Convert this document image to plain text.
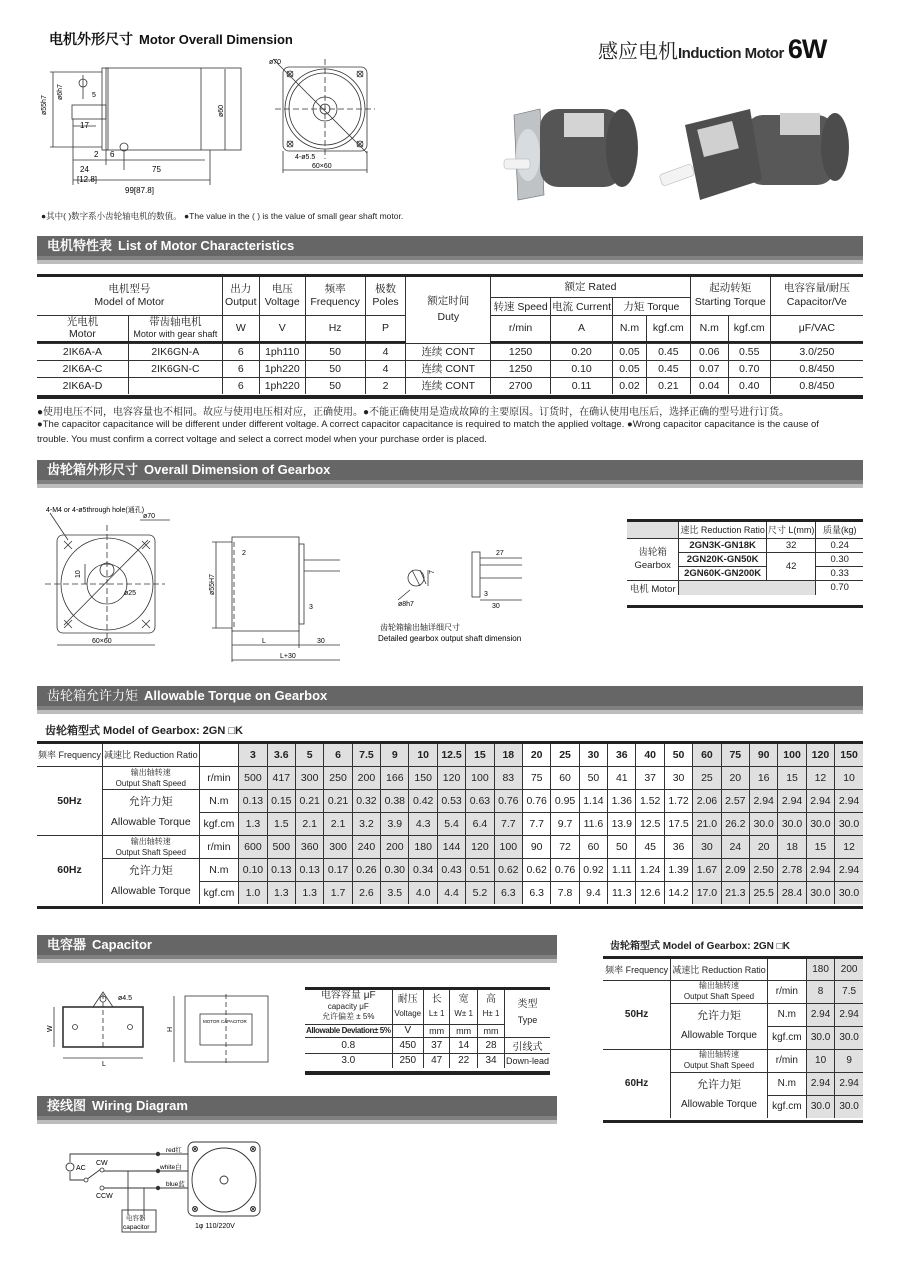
电机外形尺寸 Motor Overall Dimension
感应电机Induction Motor 6W
ø55h7
ø6h7	5
17
ø60
2 6
24
[12.8]
75
99[87.8]
ø70
4-ø5.5
60×60
●其中( )数字系小齿轮轴电机的数值。 ●The value in the ( ) is the value of small gear shaft motor.
电机特性表 List of Motor Characteristics
电机型号
Model of Motor		出力
Output	电压
Voltage	频率
Frequency	极数
Poles	额定时间
Duty	额定 Rated				起动转矩
Starting Torque		电容容量/耐压
Capacitor/Ve
							转速 Speed	电流 Current	力矩 Torque				
光电机
Motor	带齿轴电机
Motor with gear shaft	W	V	Hz	P		r/min	A	N.m	kgf.cm	N.m	kgf.cm	μF/VAC

2IK6A-A	2IK6GN-A	6	1ph110	50	4	连续 CONT	1250	0.20	0.05	0.45	0.06	0.55	3.0/250
2IK6A-C	2IK6GN-C	6	1ph220	50	4	连续 CONT	1250	0.10	0.05	0.45	0.07	0.70	0.8/450
2IK6A-D		6	1ph220	50	2	连续 CONT	2700	0.11	0.02	0.21	0.04	0.40	0.8/450
●使用电压不同，电容容量也不相同。故应与使用电压相对应，正确使用。●不能正确使用是造成故障的主要原因。订货时，在确认使用电压后，选择正确的型号进行订货。
●The capacitor capacitance will be different under different voltage. A correct capacitor capacitance is required to match the applied voltage. ●Wrong capacitor capacitance is the cause of
trouble. You must confirm a correct voltage and select a correct model when your purchase order is placed.
齿轮箱外形尺寸 Overall Dimension of Gearbox
4-M4 or 4-ø5through hole(通孔)
ø70
10
ø25
60×60
ø55H7
2
3
L	30
L+30
ø8h7
7
27
3
30
齿轮箱输出轴详细尺寸
Detailed gearbox output shaft dimension
	速比 Reduction Ratio	尺寸 L(mm)	质量(kg)
齿轮箱
Gearbox	2GN3K-GN18K	32	0.24
	2GN20K-GN50K	42	0.30
	2GN60K-GN200K		0.33
电机 Motor			0.70
齿轮箱允许力矩 Allowable Torque on Gearbox
齿轮箱型式 Model of Gearbox: 2GN □K
频率 Frequency	减速比 Reduction Ratio		3	3.6	5	6	7.5	9	10	12.5	15	18	20	25	30	36	40	50	60	75	90	100	120	150
50Hz	输出轴转速
Output Shaft Speed	r/min	500	417	300	250	200	166	150	120	100	83	75	60	50	41	37	30	25	20	16	15	12	10
	允许力矩
Allowable Torque	N.m	0.13	0.15	0.21	0.21	0.32	0.38	0.42	0.53	0.63	0.76	0.76	0.95	1.14	1.36	1.52	1.72	2.06	2.57	2.94	2.94	2.94	2.94
		kgf.cm	1.3	1.5	2.1	2.1	3.2	3.9	4.3	5.4	6.4	7.7	7.7	9.7	11.6	13.9	12.5	17.5	21.0	26.2	30.0	30.0	30.0	30.0
60Hz	输出轴转速
Output Shaft Speed	r/min	600	500	360	300	240	200	180	144	120	100	90	72	60	50	45	36	30	24	20	18	15	12
	允许力矩
Allowable Torque	N.m	0.10	0.13	0.13	0.17	0.26	0.30	0.34	0.43	0.51	0.62	0.62	0.76	0.92	1.11	1.24	1.39	1.67	2.09	2.50	2.78	2.94	2.94
		kgf.cm	1.0	1.3	1.3	1.7	2.6	3.5	4.0	4.4	5.2	6.3	6.3	7.8	9.4	11.3	12.6	14.2	17.0	21.3	25.5	28.4	30.0	30.0
电容器 Capacitor
ø4.5
W
L
H
MOTOR CAPACITOR
电容容量 μF
capacity μF
允许偏差 ± 5%	耐压
Voltage	长
L± 1	宽
W± 1	高
H± 1	类型
Type
Allowable Deviation± 5%	V	mm	mm	mm	
0.8	450	37	14	28	引线式
3.0	250	47	22	34	Down-lead
齿轮箱型式 Model of Gearbox: 2GN □K
频率 Frequency	减速比 Reduction Ratio		180	200
50Hz	输出轴转速
Output Shaft Speed	r/min	8	7.5
	允许力矩
Allowable Torque	N.m	2.94	2.94
		kgf.cm	30.0	30.0
60Hz	输出轴转速
Output Shaft Speed	r/min	10	9
	允许力矩
Allowable Torque	N.m	2.94	2.94
		kgf.cm	30.0	30.0
接线图 Wiring Diagram
AC
CW
CCW
red红
white白
blue蓝
电容器
capacitor	1φ 110/220V
